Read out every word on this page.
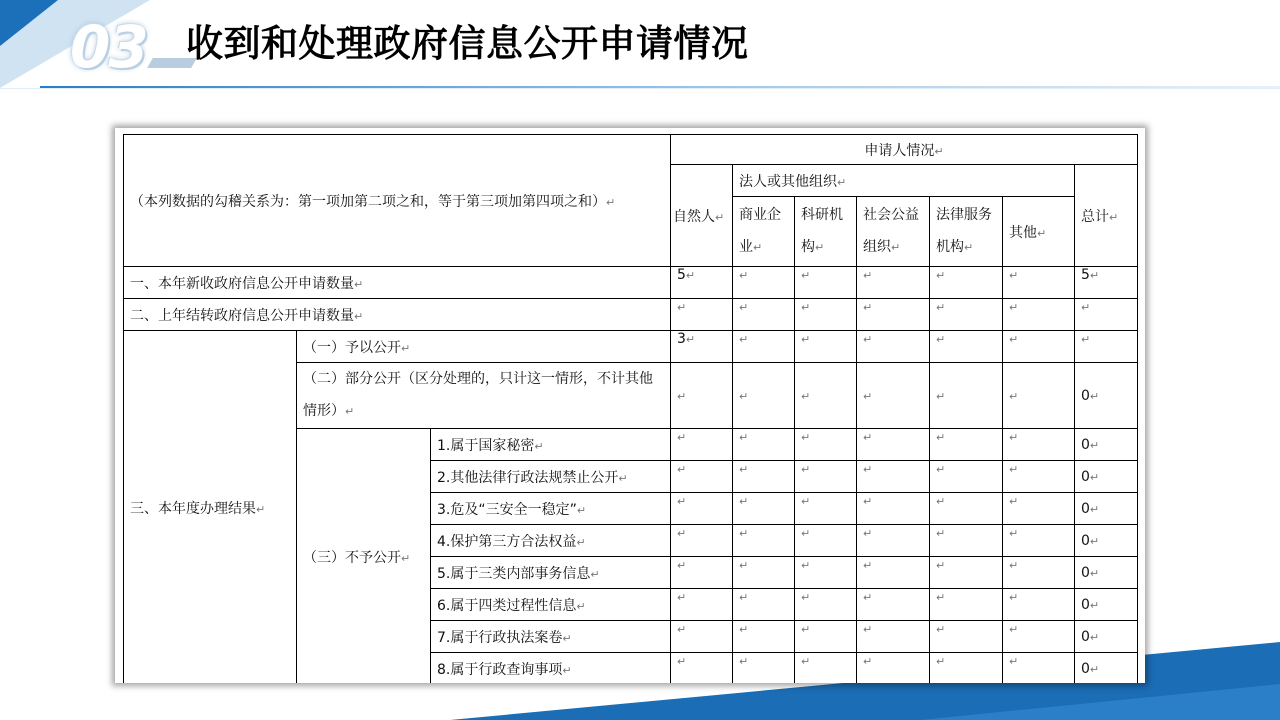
03 收到和处理政府信息公开申请情况
（本列数据的勾稽关系为：第一项加第二项之和，等于第三项加第四项之和）↵			申请人情况↵						
			自然人↵	法人或其他组织↵					总计↵
				商业企业↵	科研机构↵	社会公益组织↵	法律服务机构↵	其他↵	
一、本年新收政府信息公开申请数量↵			5↵	↵	↵	↵	↵	↵	5↵
二、上年结转政府信息公开申请数量↵			↵	↵	↵	↵	↵	↵	↵
三、本年度办理结果↵	（一）予以公开↵		3↵	↵	↵	↵	↵	↵	↵
	（二）部分公开（区分处理的，只计这一情形，不计其他情形）↵		↵	↵	↵	↵	↵	↵	0↵
	（三）不予公开↵	1.属于国家秘密↵	↵	↵	↵	↵	↵	↵	0↵
		2.其他法律行政法规禁止公开↵	↵	↵	↵	↵	↵	↵	0↵
		3.危及“三安全一稳定”↵	↵	↵	↵	↵	↵	↵	0↵
		4.保护第三方合法权益↵	↵	↵	↵	↵	↵	↵	0↵
		5.属于三类内部事务信息↵	↵	↵	↵	↵	↵	↵	0↵
		6.属于四类过程性信息↵	↵	↵	↵	↵	↵	↵	0↵
		7.属于行政执法案卷↵	↵	↵	↵	↵	↵	↵	0↵
		8.属于行政查询事项↵	↵	↵	↵	↵	↵	↵	0↵
